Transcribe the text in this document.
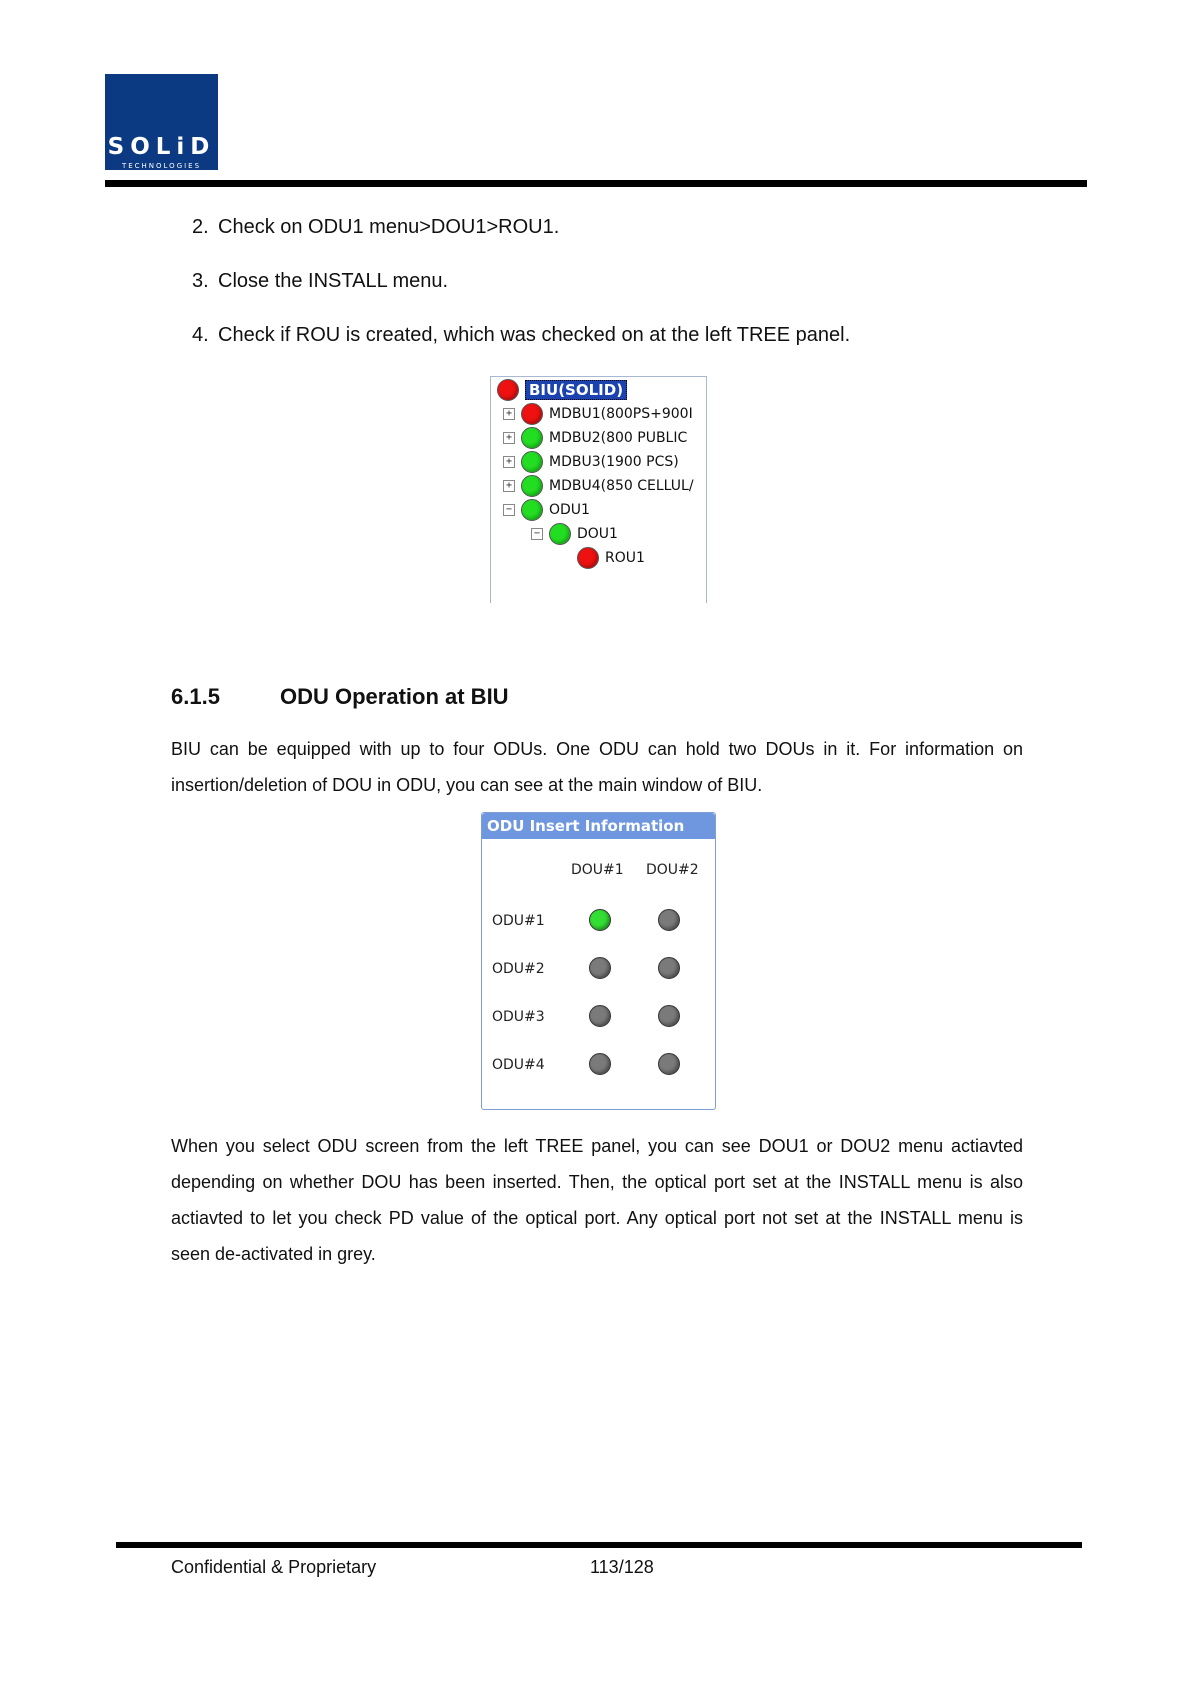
SOLiD
TECHNOLOGIES
2. Check on ODU1 menu>DOU1>ROU1.
3. Close the INSTALL menu.
4. Check if ROU is created, which was checked on at the left TREE panel.
BIU(SOLID)
+	MDBU1(800PS+900I
+	MDBU2(800 PUBLIC
+	MDBU3(1900 PCS)
+	MDBU4(850 CELLUL/
−	ODU1
−	DOU1
ROU1
6.1.5	ODU Operation at BIU

BIU can be equipped with up to four ODUs. One ODU can hold two DOUs in it. For information on insertion/deletion of DOU in ODU, you can see at the main window of BIU.

ODU Insert Information
DOU#1 DOU#2
ODU#1
ODU#2
ODU#3
ODU#4

When you select ODU screen from the left TREE panel, you can see DOU1 or DOU2 menu actiavted depending on whether DOU has been inserted. Then, the optical port set at the INSTALL menu is also actiavted to let you check PD value of the optical port. Any optical port not set at the INSTALL menu is seen de-activated in grey.

Confidential & Proprietary	113/128
